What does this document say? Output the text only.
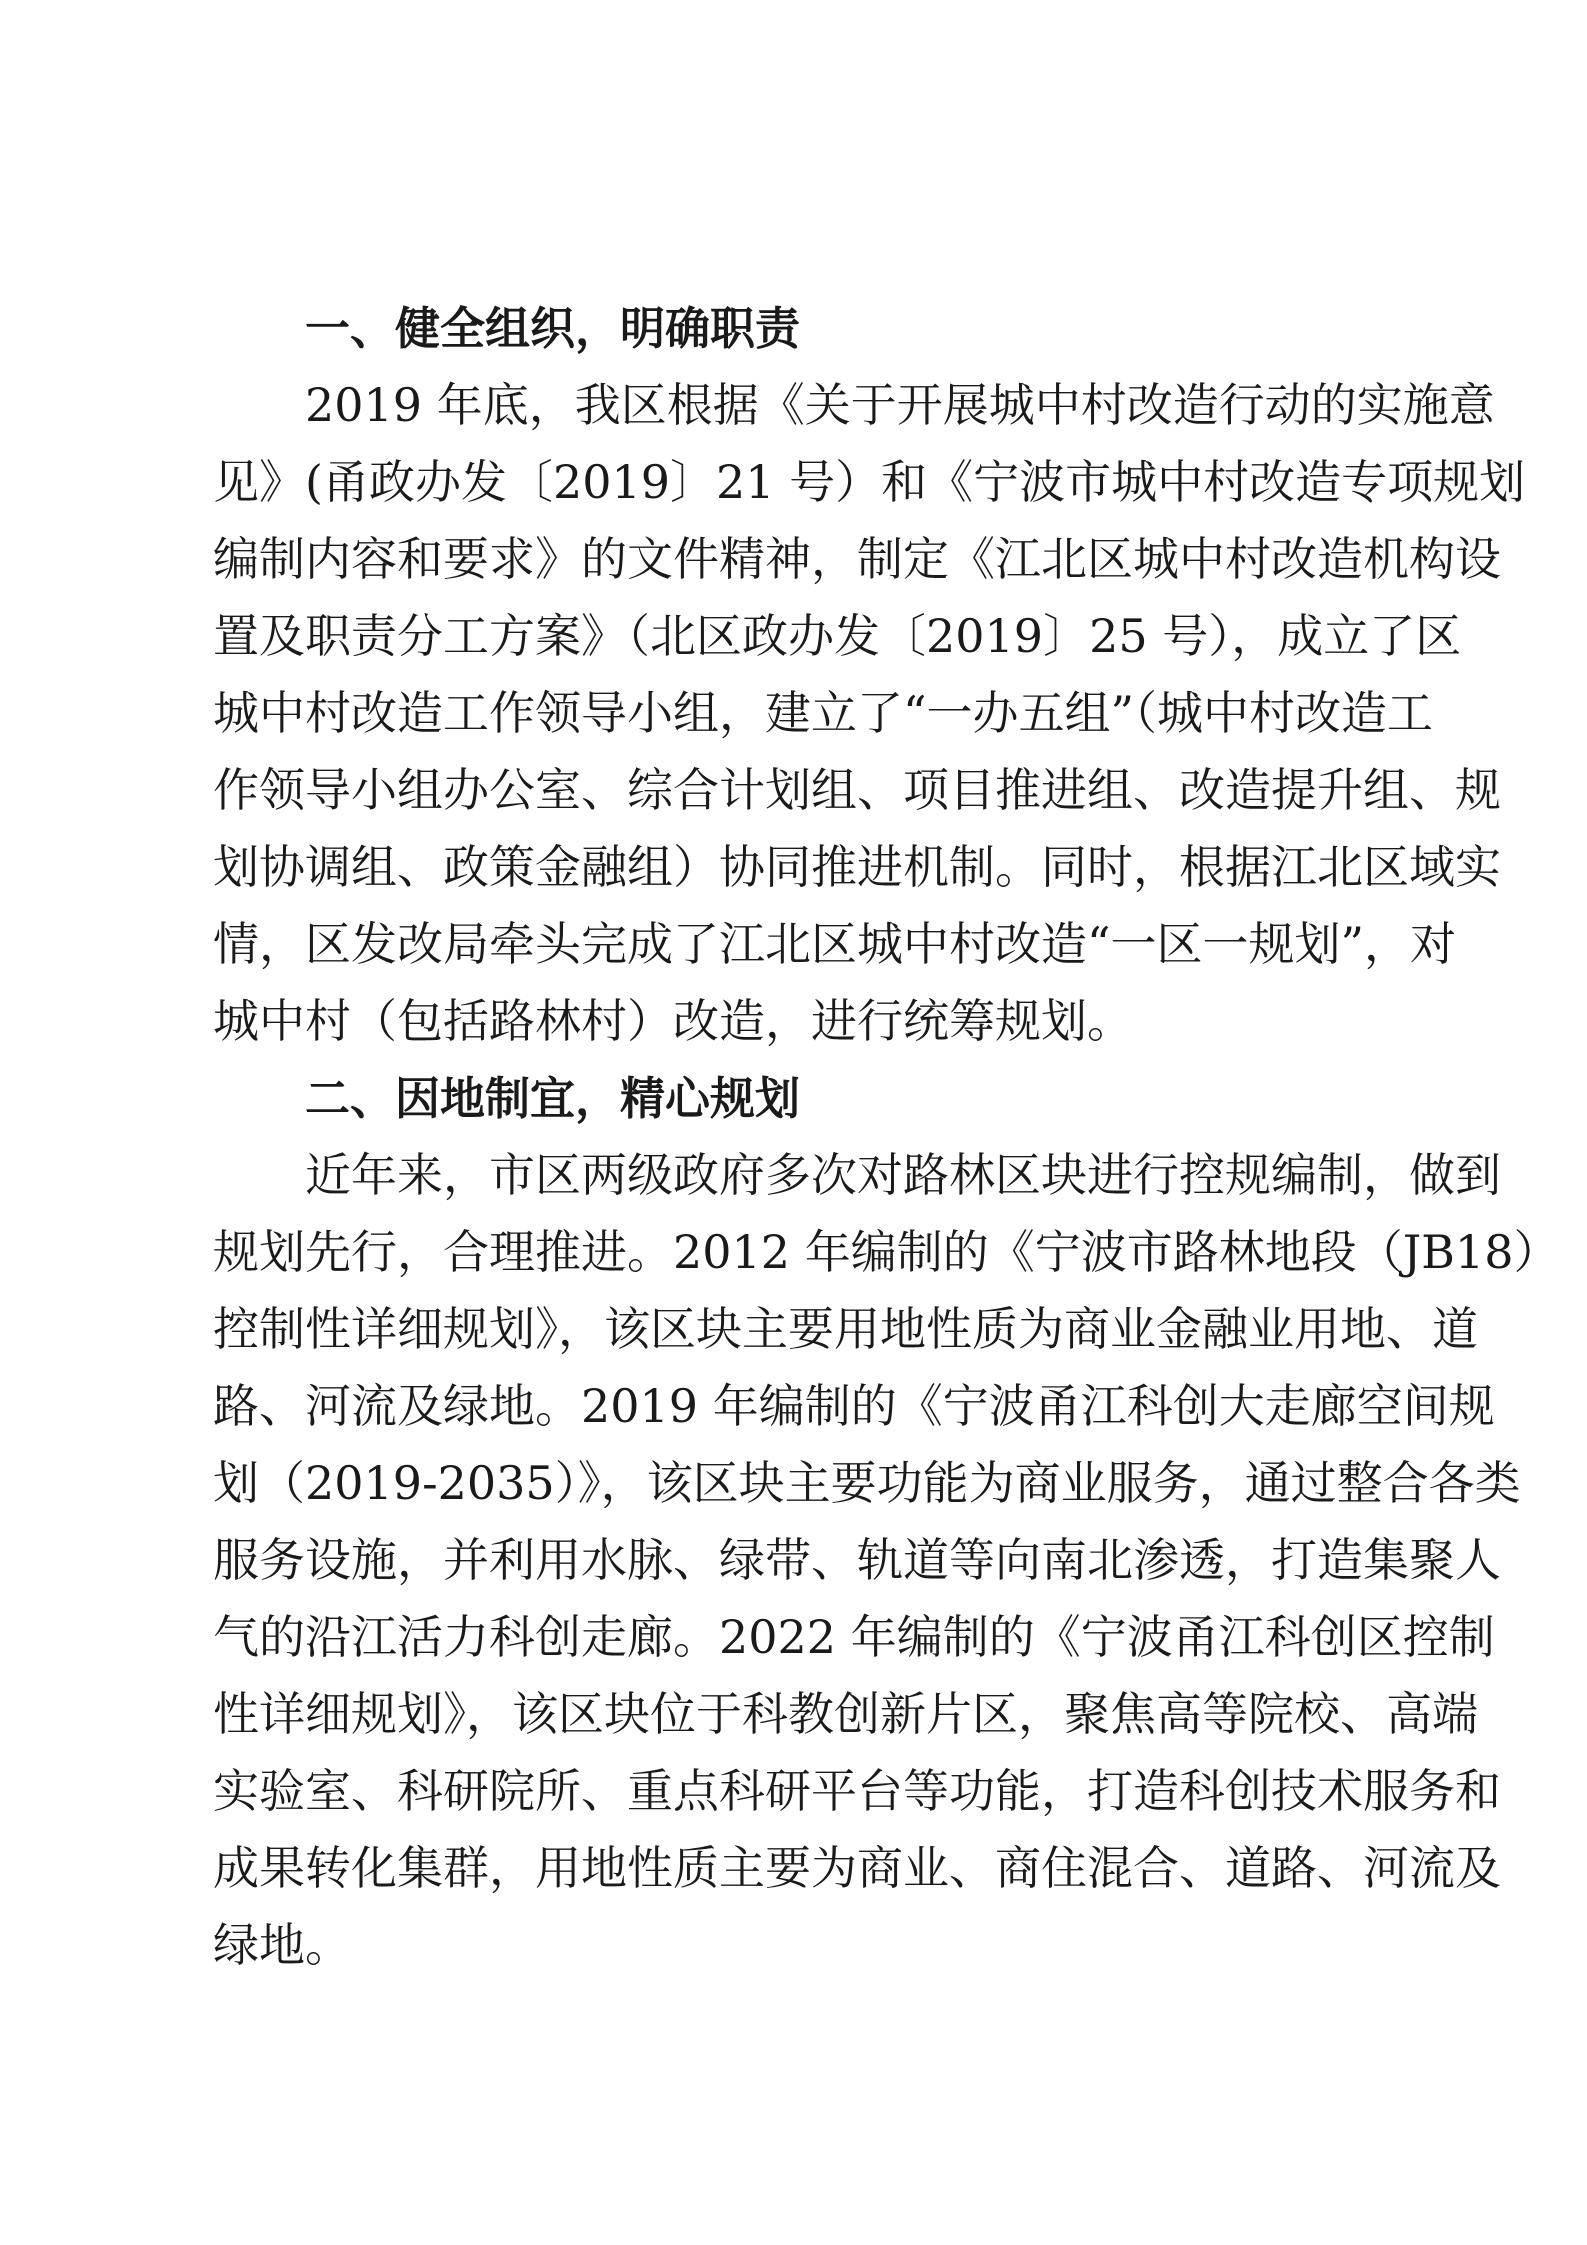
一、健全组织，明确职责
2019 年底，我区根据《关于开展城中村改造行动的实施意
见》(甬政办发〔2019〕21 号）和《宁波市城中村改造专项规划
编制内容和要求》的文件精神，制定《江北区城中村改造机构设
置及职责分工方案》（北区政办发〔2019〕25 号），成立了区
城中村改造工作领导小组，建立了“一办五组”（城中村改造工
作领导小组办公室、综合计划组、项目推进组、改造提升组、规
划协调组、政策金融组）协同推进机制。同时，根据江北区域实
情，区发改局牵头完成了江北区城中村改造“一区一规划”，对
城中村（包括路林村）改造，进行统筹规划。
二、因地制宜，精心规划
近年来，市区两级政府多次对路林区块进行控规编制，做到
规划先行，合理推进。2012 年编制的《宁波市路林地段（JB18）
控制性详细规划》，该区块主要用地性质为商业金融业用地、道
路、河流及绿地。2019 年编制的《宁波甬江科创大走廊空间规
划（2019-2035）》，该区块主要功能为商业服务，通过整合各类
服务设施，并利用水脉、绿带、轨道等向南北渗透，打造集聚人
气的沿江活力科创走廊。2022 年编制的《宁波甬江科创区控制
性详细规划》，该区块位于科教创新片区，聚焦高等院校、高端
实验室、科研院所、重点科研平台等功能，打造科创技术服务和
成果转化集群，用地性质主要为商业、商住混合、道路、河流及
绿地。
